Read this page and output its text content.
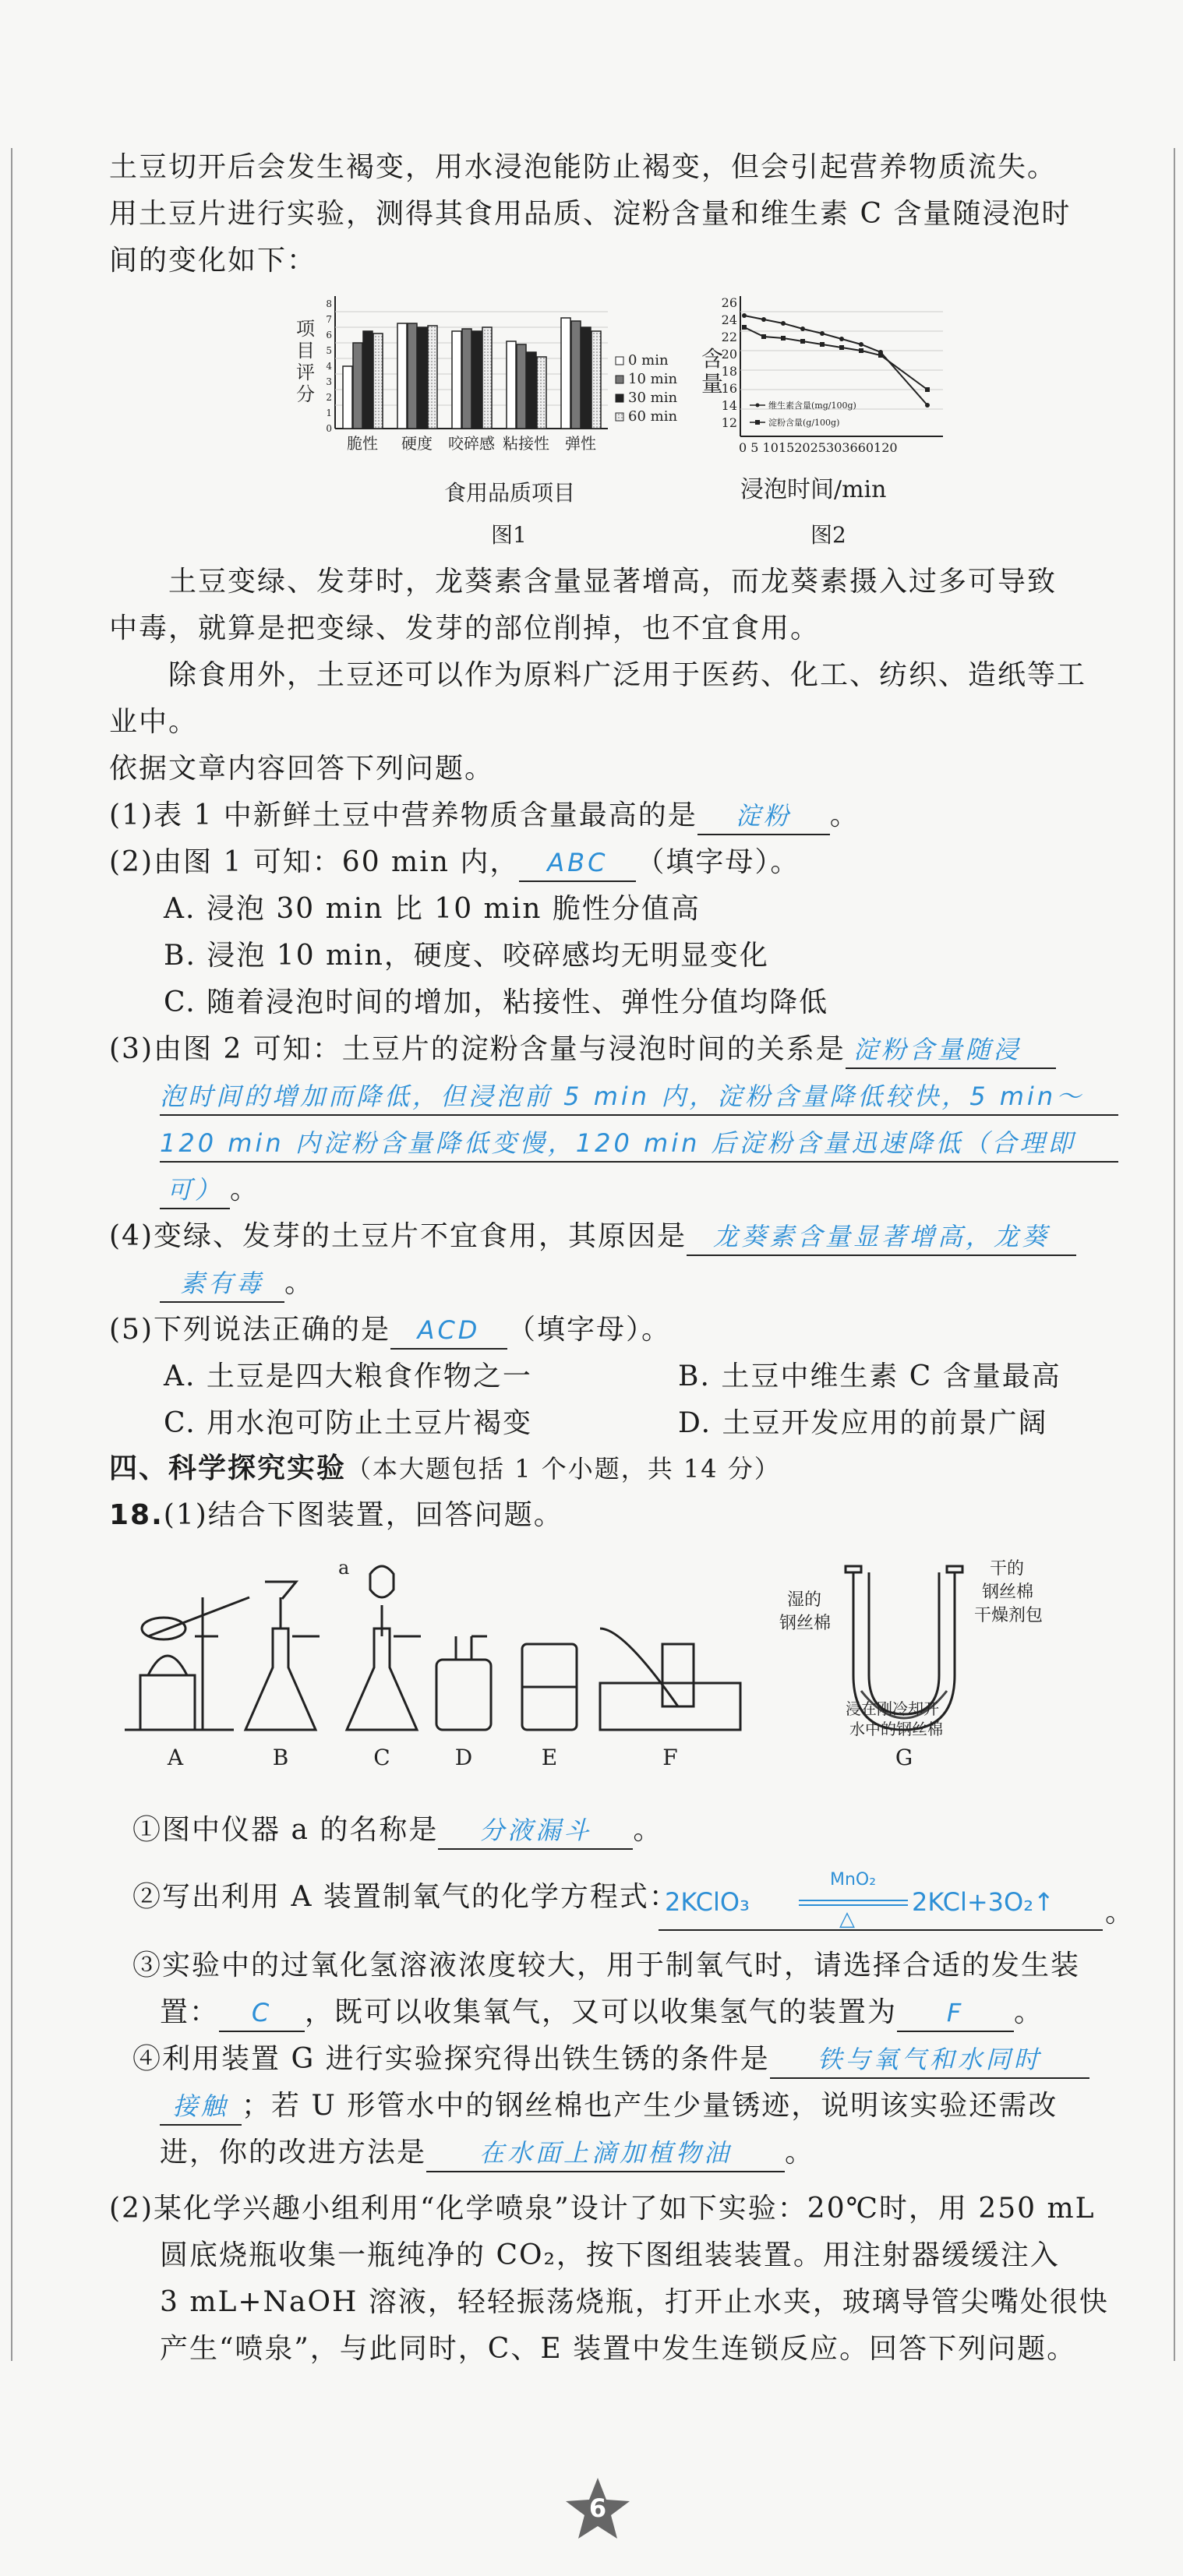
土豆切开后会发生褐变，用水浸泡能防止褐变，但会引起营养物质流失。
用土豆片进行实验，测得其食用品质、淀粉含量和维生素 C 含量随浸泡时
间的变化如下：
项
目
评
分
0
1
2
3
4
5
6
7
8
脆性 硬度 咬碎感 粘接性 弹性
0 min
10 min
30 min
60 min
食用品质项目
图1
26
24
22
20
18
16
14
12
维生素含量(mg/100g)
淀粉含量(g/100g)
含
量
0 5 10152025303660120
浸泡时间/min
图2
土豆变绿、发芽时，龙葵素含量显著增高，而龙葵素摄入过多可导致
中毒，就算是把变绿、发芽的部位削掉，也不宜食用。
除食用外，土豆还可以作为原料广泛用于医药、化工、纺织、造纸等工
业中。
依据文章内容回答下列问题。
(1)表 1 中新鲜土豆中营养物质含量最高的是 淀粉 。
(2)由图 1 可知：60 min 内， ABC （填字母）。
A. 浸泡 30 min 比 10 min 脆性分值高
B. 浸泡 10 min，硬度、咬碎感均无明显变化
C. 随着浸泡时间的增加，粘接性、弹性分值均降低
(3)由图 2 可知：土豆片的淀粉含量与浸泡时间的关系是 淀粉含量随浸
泡时间的增加而降低，但浸泡前 5 min 内，淀粉含量降低较快，5 min～
120 min 内淀粉含量降低变慢，120 min 后淀粉含量迅速降低（合理即
可） 。
(4)变绿、发芽的土豆片不宜食用，其原因是 龙葵素含量显著增高，龙葵
素有毒 。
(5)下列说法正确的是 ACD （填字母）。
A. 土豆是四大粮食作物之一	B. 土豆中维生素 C 含量最高
C. 用水泡可防止土豆片褐变	D. 土豆开发应用的前景广阔
四、科学探究实验（本大题包括 1 个小题，共 14 分）
18.(1)结合下图装置，回答问题。
a
A	B	C	D	E	F	G
湿的
钢丝棉
干的
钢丝棉
干燥剂包
浸在刚冷却开
水中的钢丝棉
①图中仪器 a 的名称是 分液漏斗 。
②写出利用 A 装置制氧气的化学方程式：
2KClO₃
MnO₂
△
2KCl+3O₂↑ 。
③实验中的过氧化氢溶液浓度较大，用于制氧气时，请选择合适的发生装
置： C ，既可以收集氧气，又可以收集氢气的装置为 F 。
④利用装置 G 进行实验探究得出铁生锈的条件是 铁与氧气和水同时
接触 ；若 U 形管水中的钢丝棉也产生少量锈迹，说明该实验还需改
进，你的改进方法是 在水面上滴加植物油 。
(2)某化学兴趣小组利用“化学喷泉”设计了如下实验：20℃时，用 250 mL
圆底烧瓶收集一瓶纯净的 CO₂，按下图组装装置。用注射器缓缓注入
3 mL+NaOH 溶液，轻轻振荡烧瓶，打开止水夹，玻璃导管尖嘴处很快
产生“喷泉”，与此同时，C、E 装置中发生连锁反应。回答下列问题。
6
